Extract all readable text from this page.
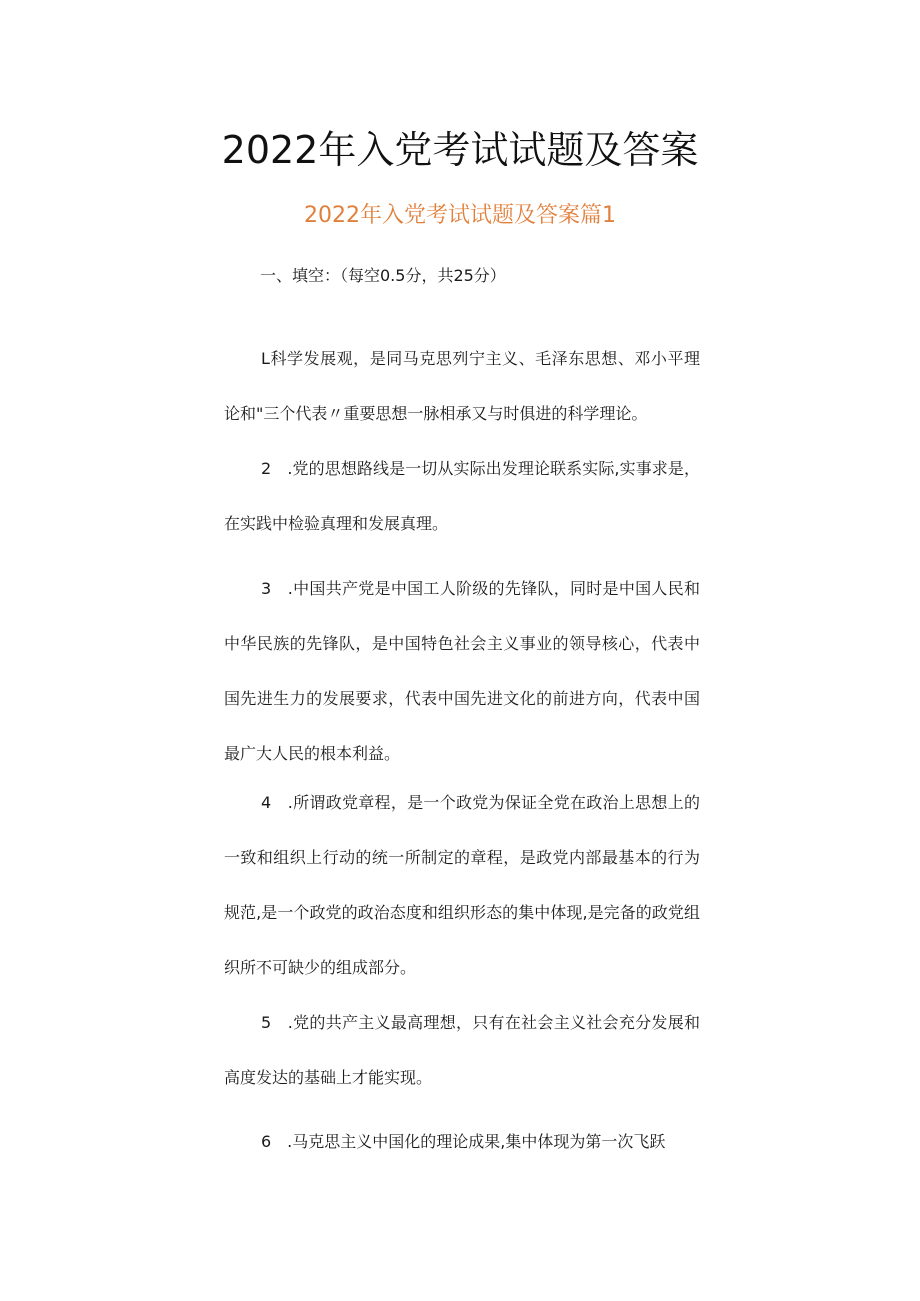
2022年入党考试试题及答案
2022年入党考试试题及答案篇1

一、填空：（每空0.5分，共25分）

L科学发展观，是同马克思列宁主义、毛泽东思想、邓小平理论和"三个代表〃重要思想一脉相承又与时俱进的科学理论。

2　.党的思想路线是一切从实际出发理论联系实际,实事求是，在实践中检验真理和发展真理。

3　.中国共产党是中国工人阶级的先锋队，同时是中国人民和中华民族的先锋队，是中国特色社会主义事业的领导核心，代表中国先进生力的发展要求，代表中国先进文化的前进方向，代表中国最广大人民的根本利益。

4　.所谓政党章程，是一个政党为保证全党在政治上思想上的一致和组织上行动的统一所制定的章程，是政党内部最基本的行为规范,是一个政党的政治态度和组织形态的集中体现,是完备的政党组织所不可缺少的组成部分。

5　.党的共产主义最高理想，只有在社会主义社会充分发展和高度发达的基础上才能实现。

6　.马克思主义中国化的理论成果,集中体现为第一次飞跃
